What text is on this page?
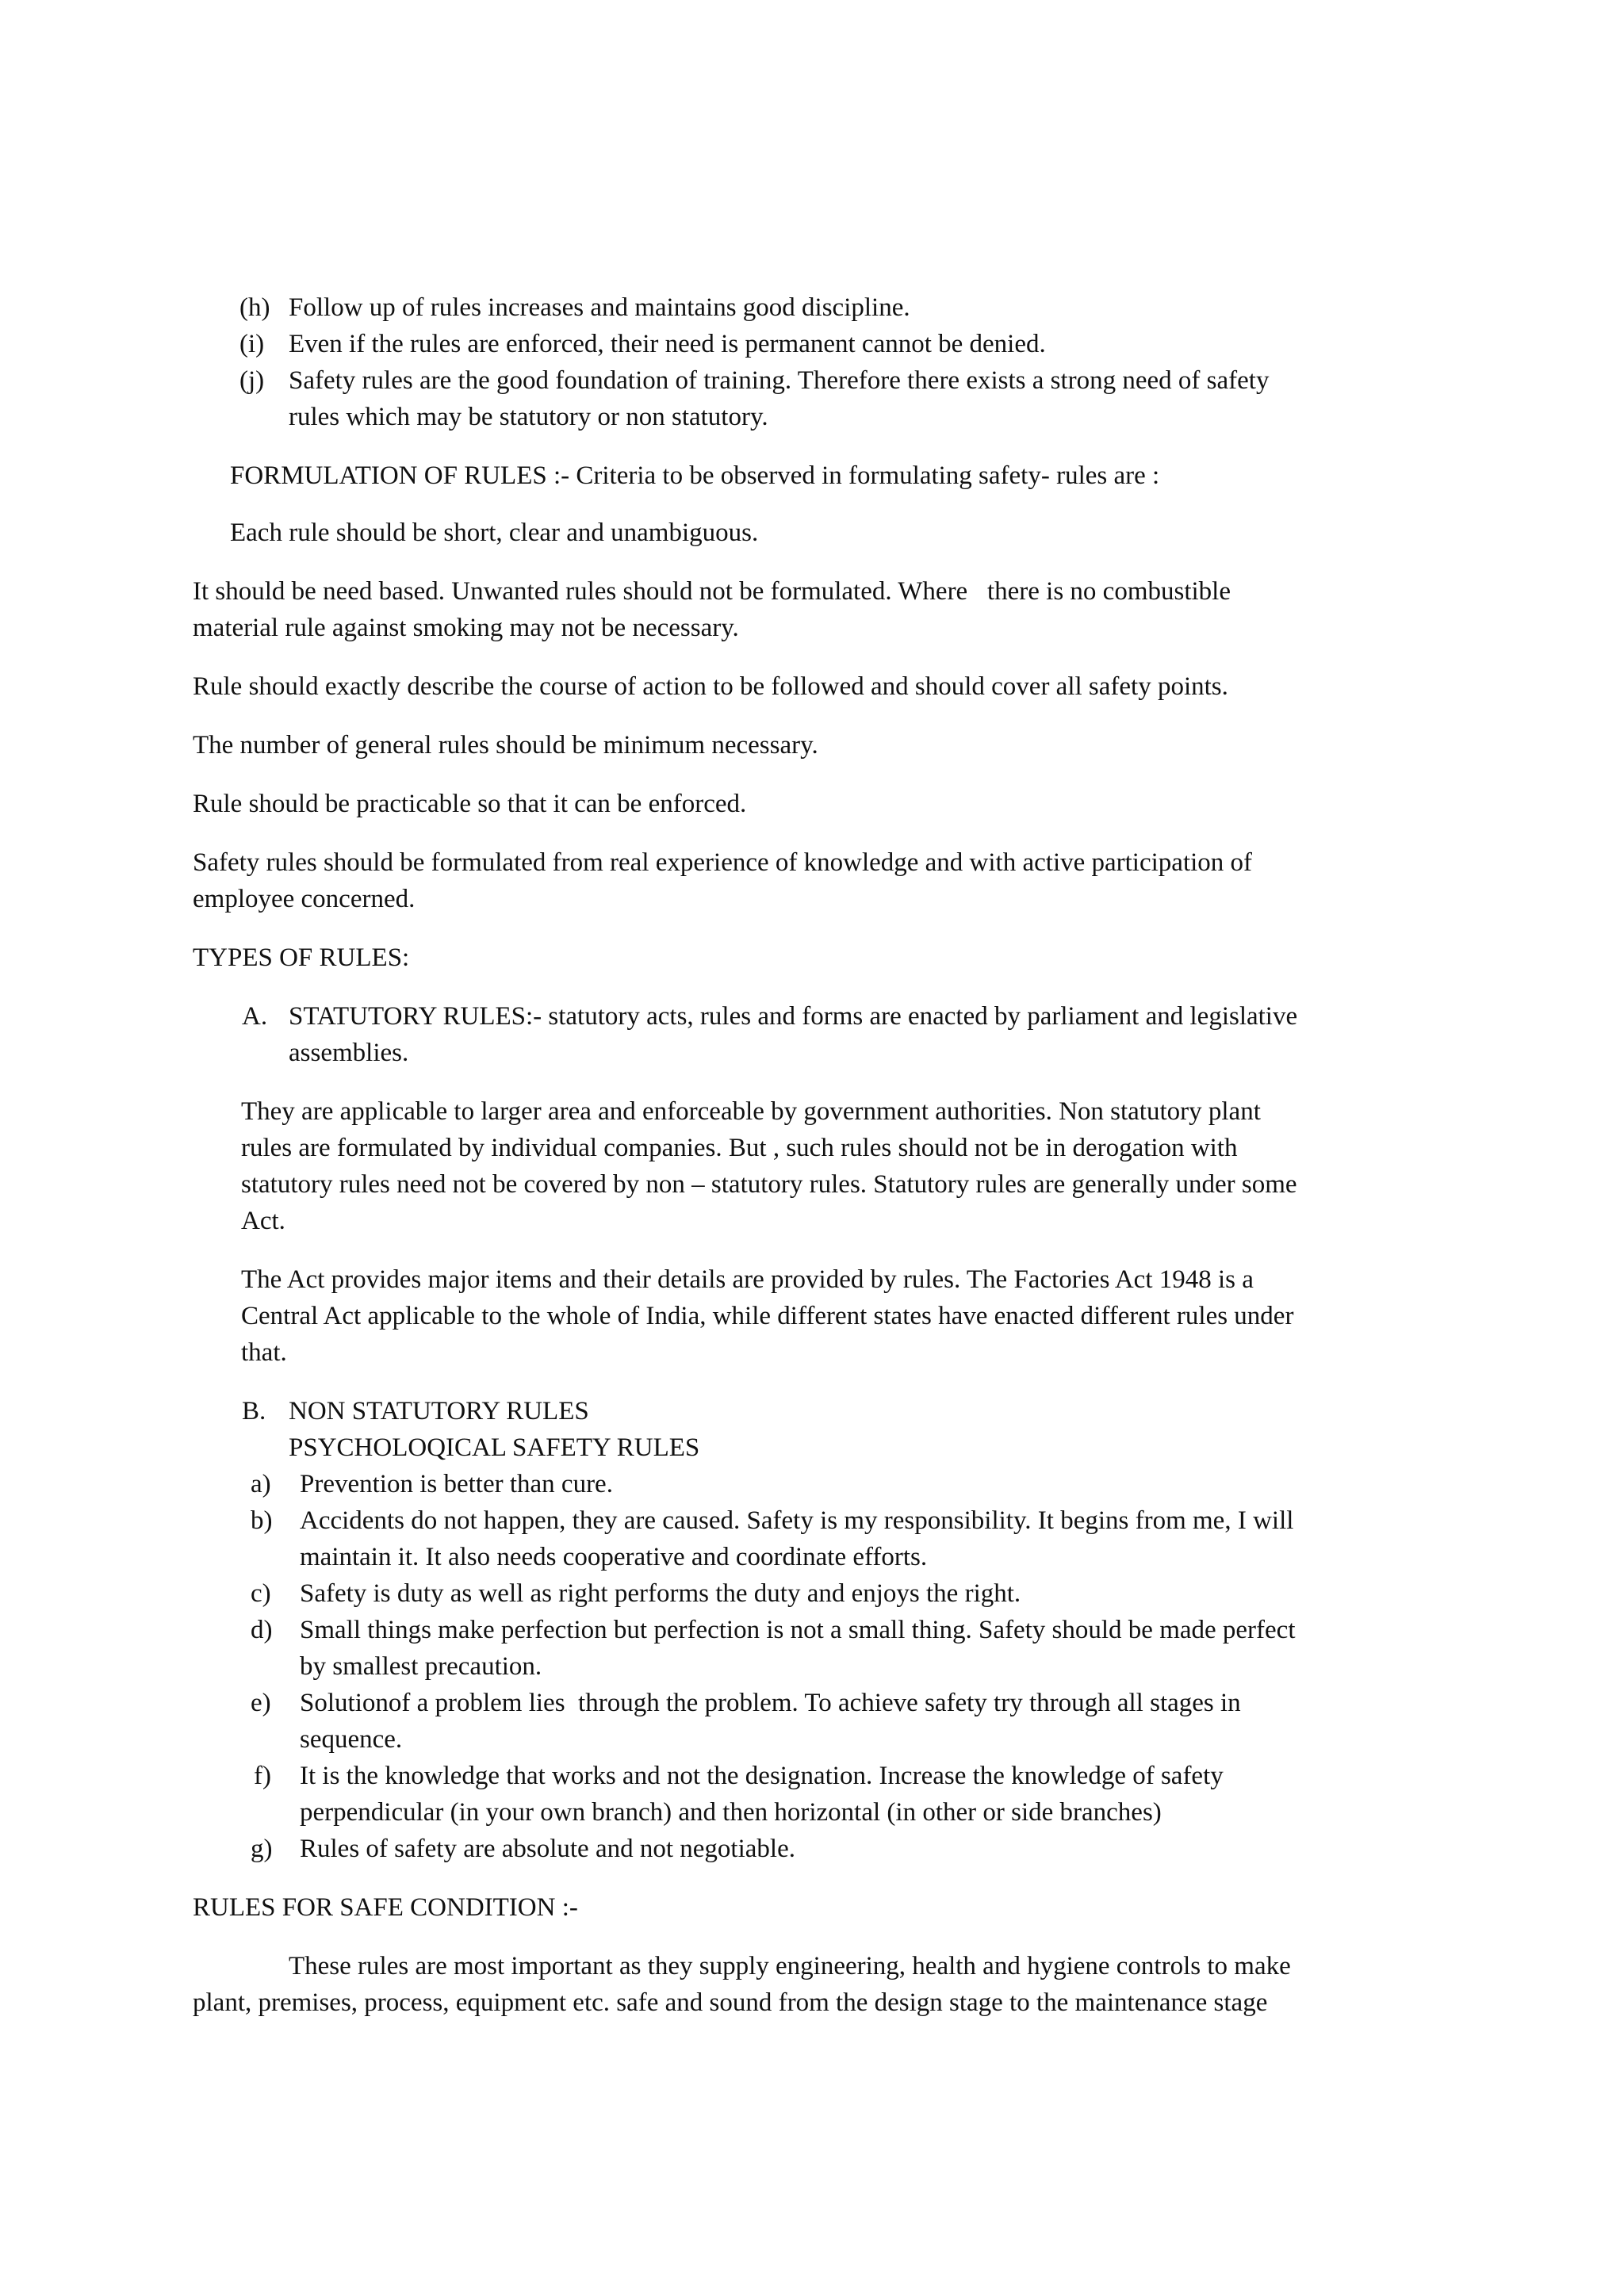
(h) Follow up of rules increases and maintains good discipline.
(i) Even if the rules are enforced, their need is permanent cannot be denied.
(j) Safety rules are the good foundation of training. Therefore there exists a strong need of safety
rules which may be statutory or non statutory.
FORMULATION OF RULES :- Criteria to be observed in formulating safety- rules are :
Each rule should be short, clear and unambiguous.
It should be need based. Unwanted rules should not be formulated. Where   there is no combustible
material rule against smoking may not be necessary.
Rule should exactly describe the course of action to be followed and should cover all safety points.
The number of general rules should be minimum necessary.
Rule should be practicable so that it can be enforced.
Safety rules should be formulated from real experience of knowledge and with active participation of
employee concerned.
TYPES OF RULES:
A. STATUTORY RULES:- statutory acts, rules and forms are enacted by parliament and legislative
assemblies.
They are applicable to larger area and enforceable by government authorities. Non statutory plant
rules are formulated by individual companies. But , such rules should not be in derogation with
statutory rules need not be covered by non – statutory rules. Statutory rules are generally under some
Act.
The Act provides major items and their details are provided by rules. The Factories Act 1948 is a
Central Act applicable to the whole of India, while different states have enacted different rules under
that.
B. NON STATUTORY RULES
PSYCHOLOQICAL SAFETY RULES
a) Prevention is better than cure.
b) Accidents do not happen, they are caused. Safety is my responsibility. It begins from me, I will
maintain it. It also needs cooperative and coordinate efforts.
c) Safety is duty as well as right performs the duty and enjoys the right.
d) Small things make perfection but perfection is not a small thing. Safety should be made perfect
by smallest precaution.
e) Solutionof a problem lies  through the problem. To achieve safety try through all stages in
sequence.
f) It is the knowledge that works and not the designation. Increase the knowledge of safety
perpendicular (in your own branch) and then horizontal (in other or side branches)
g) Rules of safety are absolute and not negotiable.
RULES FOR SAFE CONDITION :-
These rules are most important as they supply engineering, health and hygiene controls to make
plant, premises, process, equipment etc. safe and sound from the design stage to the maintenance stage
